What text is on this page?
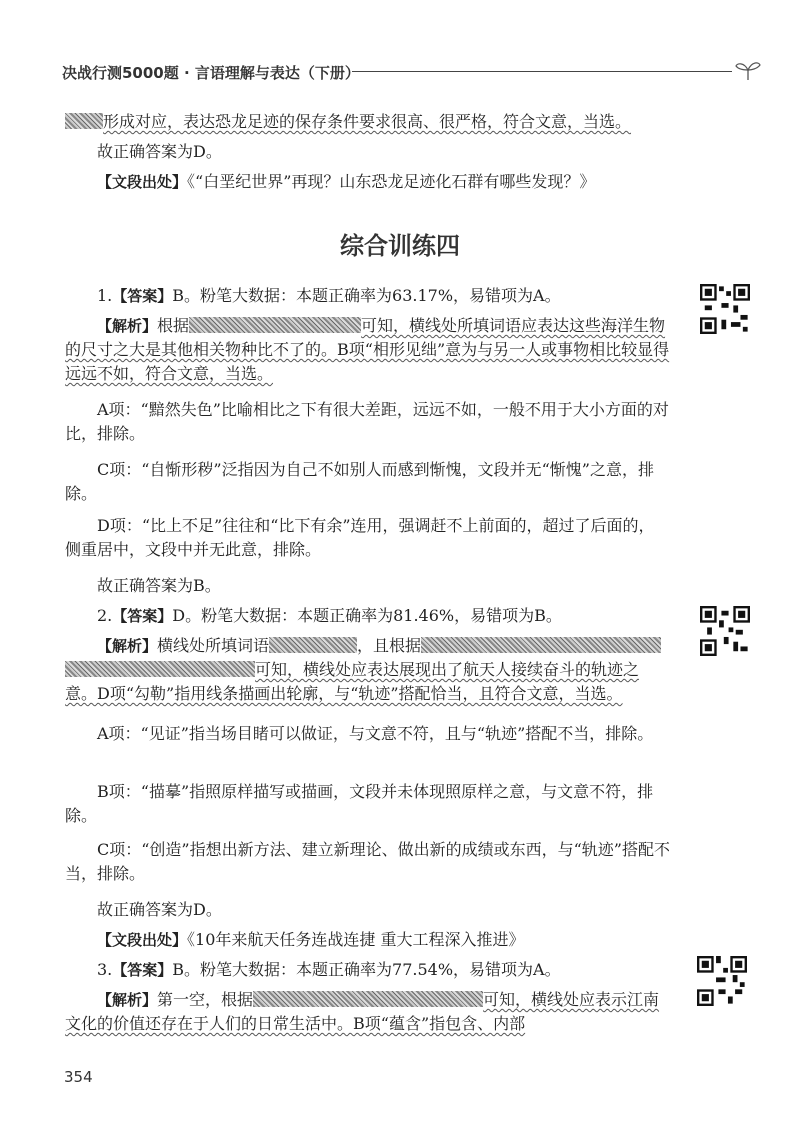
决战行测5000题 · 言语理解与表达（下册）

形成对应，表达恐龙足迹的保存条件要求很高、很严格，符合文意，当选。

故正确答案为D。

【文段出处】《“白垩纪世界”再现？山东恐龙足迹化石群有哪些发现？》

综合训练四

1.【答案】B。粉笔大数据：本题正确率为63.17%，易错项为A。

【解析】根据	可知，横线处所填词语应表达这些海洋生物的尺寸之大是其他相关物种比不了的。B项“相形见绌”意为与另一人或事物相比较显得远远不如，符合文意，当选。

A项：“黯然失色”比喻相比之下有很大差距，远远不如，一般不用于大小方面的对比，排除。

C项：“自惭形秽”泛指因为自己不如别人而感到惭愧，文段并无“惭愧”之意，排除。

D项：“比上不足”往往和“比下有余”连用，强调赶不上前面的，超过了后面的，侧重居中，文段中并无此意，排除。

故正确答案为B。

2.【答案】D。粉笔大数据：本题正确率为81.46%，易错项为B。

【解析】横线处所填词语	，且根据可知，横线处应表达展现出了航天人接续奋斗的轨迹之意。D项“勾勒”指用线条描画出轮廓，与“轨迹”搭配恰当，且符合文意，当选。

A项：“见证”指当场目睹可以做证，与文意不符，且与“轨迹”搭配不当，排除。

B项：“描摹”指照原样描写或描画，文段并未体现照原样之意，与文意不符，排除。

C项：“创造”指想出新方法、建立新理论、做出新的成绩或东西，与“轨迹”搭配不当，排除。

故正确答案为D。

【文段出处】《10年来航天任务连战连捷 重大工程深入推进》

3.【答案】B。粉笔大数据：本题正确率为77.54%，易错项为A。

【解析】第一空，根据	可知，横线处应表示江南文化的价值还存在于人们的日常生活中。B项“蕴含”指包含、内部

354
